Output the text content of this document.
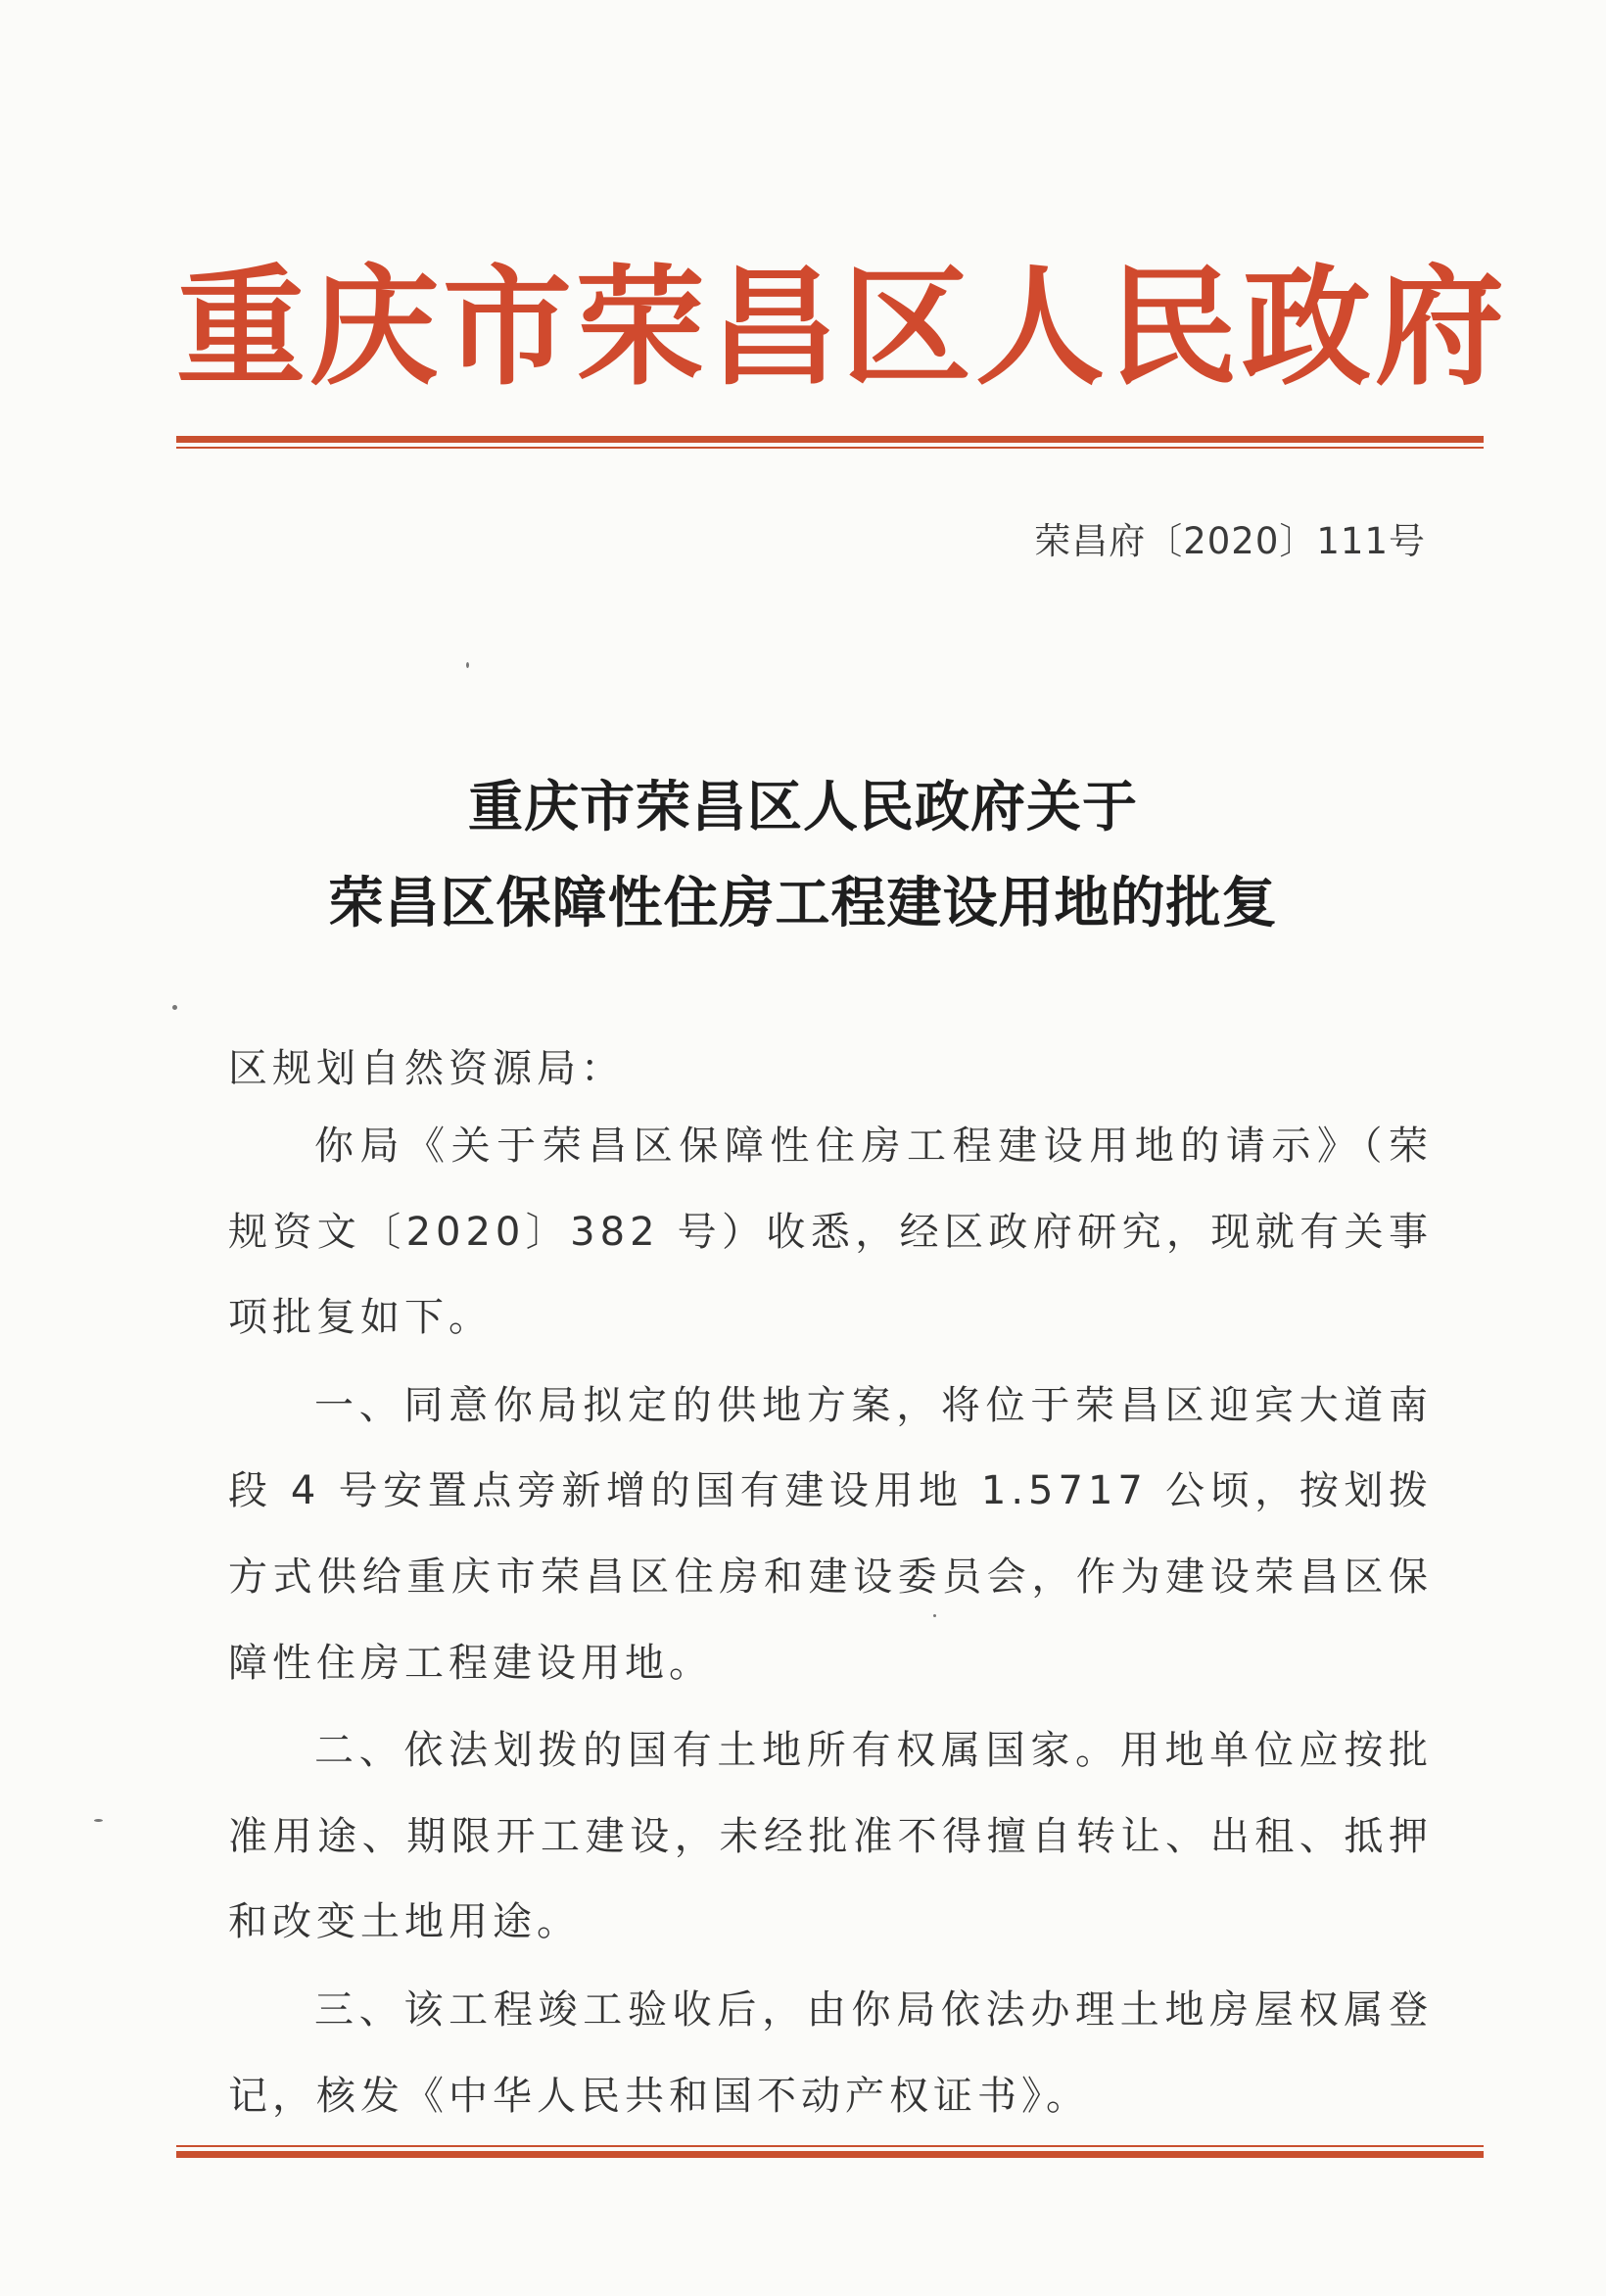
重 庆 市 荣 昌 区 人 民 政 府
荣昌府〔2020〕111号
重庆市荣昌区人民政府关于
荣昌区保障性住房工程建设用地的批复
区规划自然资源局：

你局《关于荣昌区保障性住房工程建设用地的请示》（荣规资文〔2020〕382 号）收悉，经区政府研究，现就有关事项批复如下。

一、同意你局拟定的供地方案，将位于荣昌区迎宾大道南段 4 号安置点旁新增的国有建设用地 1.5717 公顷，按划拨方式供给重庆市荣昌区住房和建设委员会，作为建设荣昌区保障性住房工程建设用地。

二、依法划拨的国有土地所有权属国家。用地单位应按批准用途、期限开工建设，未经批准不得擅自转让、出租、抵押和改变土地用途。

三、该工程竣工验收后，由你局依法办理土地房屋权属登记，核发《中华人民共和国不动产权证书》。
